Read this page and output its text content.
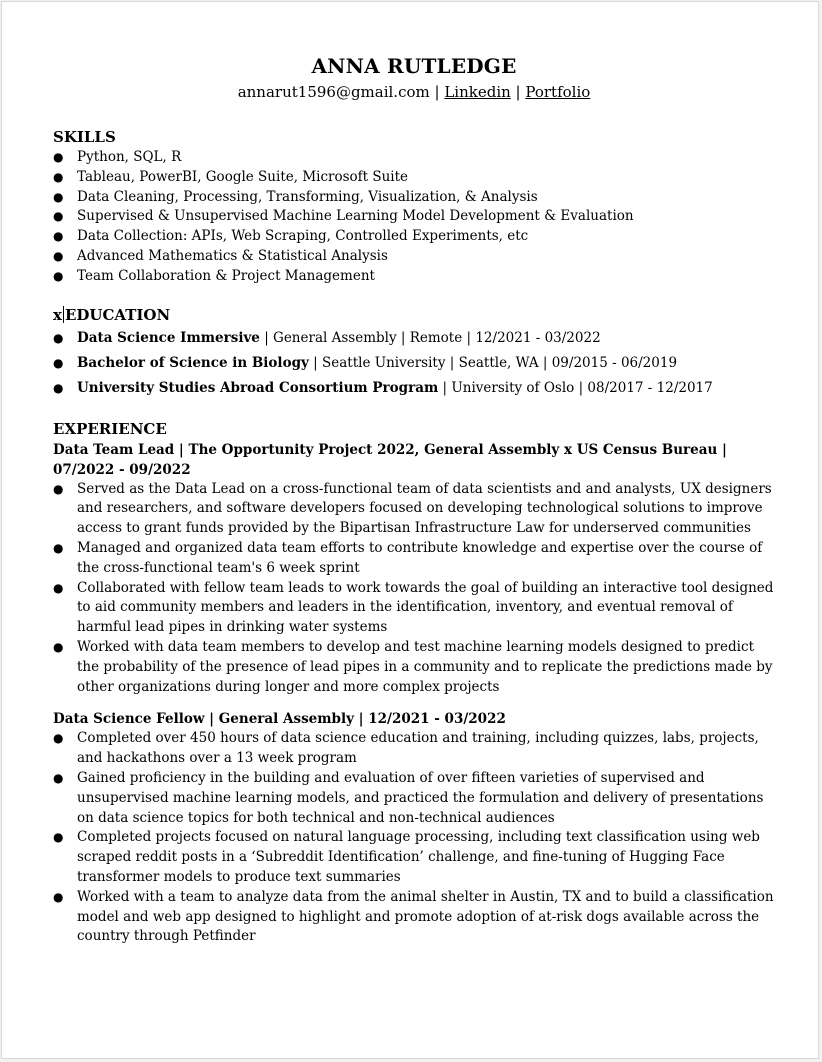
ANNA RUTLEDGE
annarut1596@gmail.com | Linkedin | Portfolio
SKILLS
● Python, SQL, R
● Tableau, PowerBI, Google Suite, Microsoft Suite
● Data Cleaning, Processing, Transforming, Visualization, & Analysis
● Supervised & Unsupervised Machine Learning Model Development & Evaluation
● Data Collection: APIs, Web Scraping, Controlled Experiments, etc
● Advanced Mathematics & Statistical Analysis
● Team Collaboration & Project Management
x EDUCATION
● Data Science Immersive | General Assembly | Remote | 12/2021 - 03/2022
● Bachelor of Science in Biology | Seattle University | Seattle, WA | 09/2015 - 06/2019
● University Studies Abroad Consortium Program | University of Oslo | 08/2017 - 12/2017
EXPERIENCE
Data Team Lead | The Opportunity Project 2022, General Assembly x US Census Bureau | 07/2022 - 09/2022
● Served as the Data Lead on a cross-functional team of data scientists and and analysts, UX designers and researchers, and software developers focused on developing technological solutions to improve access to grant funds provided by the Bipartisan Infrastructure Law for underserved communities
● Managed and organized data team efforts to contribute knowledge and expertise over the course of the cross-functional team's 6 week sprint
● Collaborated with fellow team leads to work towards the goal of building an interactive tool designed to aid community members and leaders in the identification, inventory, and eventual removal of harmful lead pipes in drinking water systems
● Worked with data team members to develop and test machine learning models designed to predict the probability of the presence of lead pipes in a community and to replicate the predictions made by other organizations during longer and more complex projects
Data Science Fellow | General Assembly | 12/2021 - 03/2022
● Completed over 450 hours of data science education and training, including quizzes, labs, projects, and hackathons over a 13 week program
● Gained proficiency in the building and evaluation of over fifteen varieties of supervised and unsupervised machine learning models, and practiced the formulation and delivery of presentations on data science topics for both technical and non-technical audiences
● Completed projects focused on natural language processing, including text classification using web scraped reddit posts in a ‘Subreddit Identification’ challenge, and fine-tuning of Hugging Face transformer models to produce text summaries
● Worked with a team to analyze data from the animal shelter in Austin, TX and to build a classification model and web app designed to highlight and promote adoption of at-risk dogs available across the country through Petfinder
